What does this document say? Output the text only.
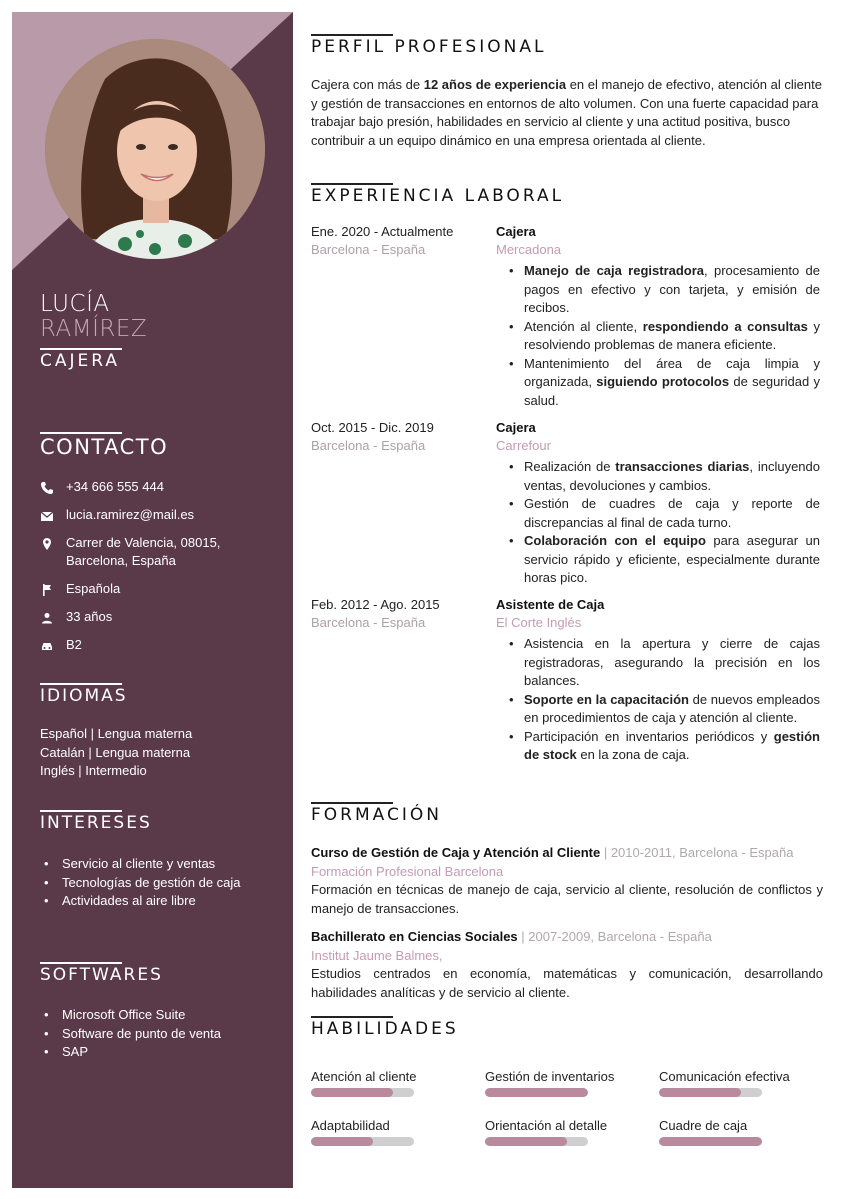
LUCÍA
RAMÍREZ
CAJERA
CONTACTO
+34 666 555 444
lucia.ramirez@mail.es
Carrer de Valencia, 08015, Barcelona, España
Española
33 años
B2
IDIOMAS
Español | Lengua materna
Catalán | Lengua materna
Inglés | Intermedio
INTERESES
• Servicio al cliente y ventas
• Tecnologías de gestión de caja
• Actividades al aire libre
SOFTWARES
• Microsoft Office Suite
• Software de punto de venta
• SAP
PERFIL PROFESIONAL
Cajera con más de 12 años de experiencia en el manejo de efectivo, atención al cliente y gestión de transacciones en entornos de alto volumen. Con una fuerte capacidad para trabajar bajo presión, habilidades en servicio al cliente y una actitud positiva, busco contribuir a un equipo dinámico en una empresa orientada al cliente.
EXPERIENCIA LABORAL
Ene. 2020 - Actualmente
Barcelona - España
Cajera
Mercadona
• Manejo de caja registradora, procesamiento de pagos en efectivo y con tarjeta, y emisión de recibos.
• Atención al cliente, respondiendo a consultas y resolviendo problemas de manera eficiente.
• Mantenimiento del área de caja limpia y organizada, siguiendo protocolos de seguridad y salud.
Oct. 2015 - Dic. 2019
Barcelona - España
Cajera
Carrefour
• Realización de transacciones diarias, incluyendo ventas, devoluciones y cambios.
• Gestión de cuadres de caja y reporte de discrepancias al final de cada turno.
• Colaboración con el equipo para asegurar un servicio rápido y eficiente, especialmente durante horas pico.
Feb. 2012 - Ago. 2015
Barcelona - España
Asistente de Caja
El Corte Inglés
• Asistencia en la apertura y cierre de cajas registradoras, asegurando la precisión en los balances.
• Soporte en la capacitación de nuevos empleados en procedimientos de caja y atención al cliente.
• Participación en inventarios periódicos y gestión de stock en la zona de caja.
FORMACIÓN
Curso de Gestión de Caja y Atención al Cliente | 2010-2011, Barcelona - España
Formación Profesional Barcelona
Formación en técnicas de manejo de caja, servicio al cliente, resolución de conflictos y manejo de transacciones.
Bachillerato en Ciencias Sociales | 2007-2009, Barcelona - España
Institut Jaume Balmes,
Estudios centrados en economía, matemáticas y comunicación, desarrollando habilidades analíticas y de servicio al cliente.
HABILIDADES
Atención al cliente	Gestión de inventarios	Comunicación efectiva
Adaptabilidad	Orientación al detalle	Cuadre de caja
